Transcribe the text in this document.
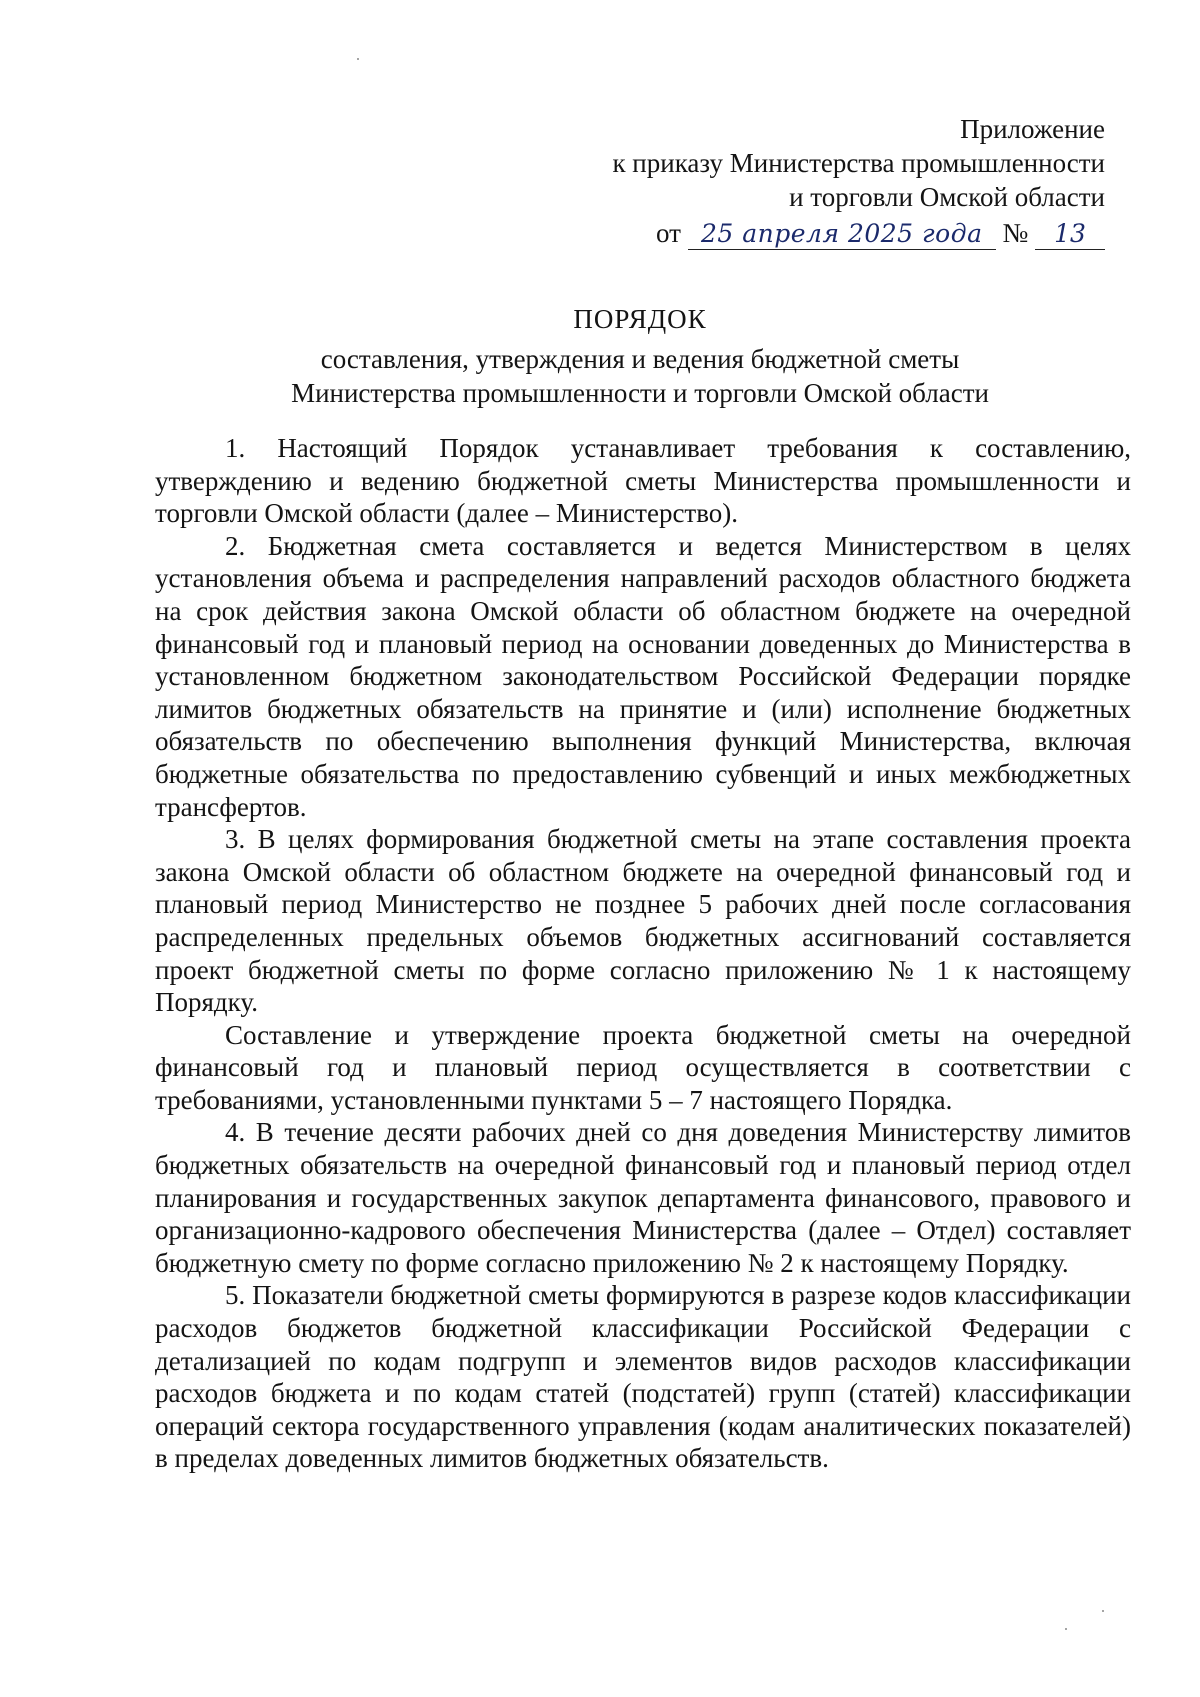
Приложение
к приказу Министерства промышленности
и торговли Омской области
от 25 апреля 2025 года № 13
ПОРЯДОК
составления, утверждения и ведения бюджетной сметы
Министерства промышленности и торговли Омской области

1. Настоящий Порядок устанавливает требования к составлению, утверждению и ведению бюджетной сметы Министерства промышленности и торговли Омской области (далее – Министерство).

2. Бюджетная смета составляется и ведется Министерством в целях установления объема и распределения направлений расходов областного бюджета на срок действия закона Омской области об областном бюджете на очередной финансовый год и плановый период на основании доведенных до Министерства в установленном бюджетном законодательством Российской Федерации порядке лимитов бюджетных обязательств на принятие и (или) исполнение бюджетных обязательств по обеспечению выполнения функций Министерства, включая бюджетные обязательства по предоставлению субвенций и иных межбюджетных трансфертов.

3. В целях формирования бюджетной сметы на этапе составления проекта закона Омской области об областном бюджете на очередной финансовый год и плановый период Министерство не позднее 5 рабочих дней после согласования распределенных предельных объемов бюджетных ассигнований составляется проект бюджетной сметы по форме согласно приложению № 1 к настоящему Порядку.

Составление и утверждение проекта бюджетной сметы на очередной финансовый год и плановый период осуществляется в соответствии с требованиями, установленными пунктами 5 – 7 настоящего Порядка.

4. В течение десяти рабочих дней со дня доведения Министерству лимитов бюджетных обязательств на очередной финансовый год и плановый период отдел планирования и государственных закупок департамента финансового, правового и организационно-кадрового обеспечения Министерства (далее – Отдел) составляет бюджетную смету по форме согласно приложению № 2 к настоящему Порядку.

5. Показатели бюджетной сметы формируются в разрезе кодов классификации расходов бюджетов бюджетной классификации Российской Федерации с детализацией по кодам подгрупп и элементов видов расходов классификации расходов бюджета и по кодам статей (подстатей) групп (статей) классификации операций сектора государственного управления (кодам аналитических показателей) в пределах доведенных лимитов бюджетных обязательств.
